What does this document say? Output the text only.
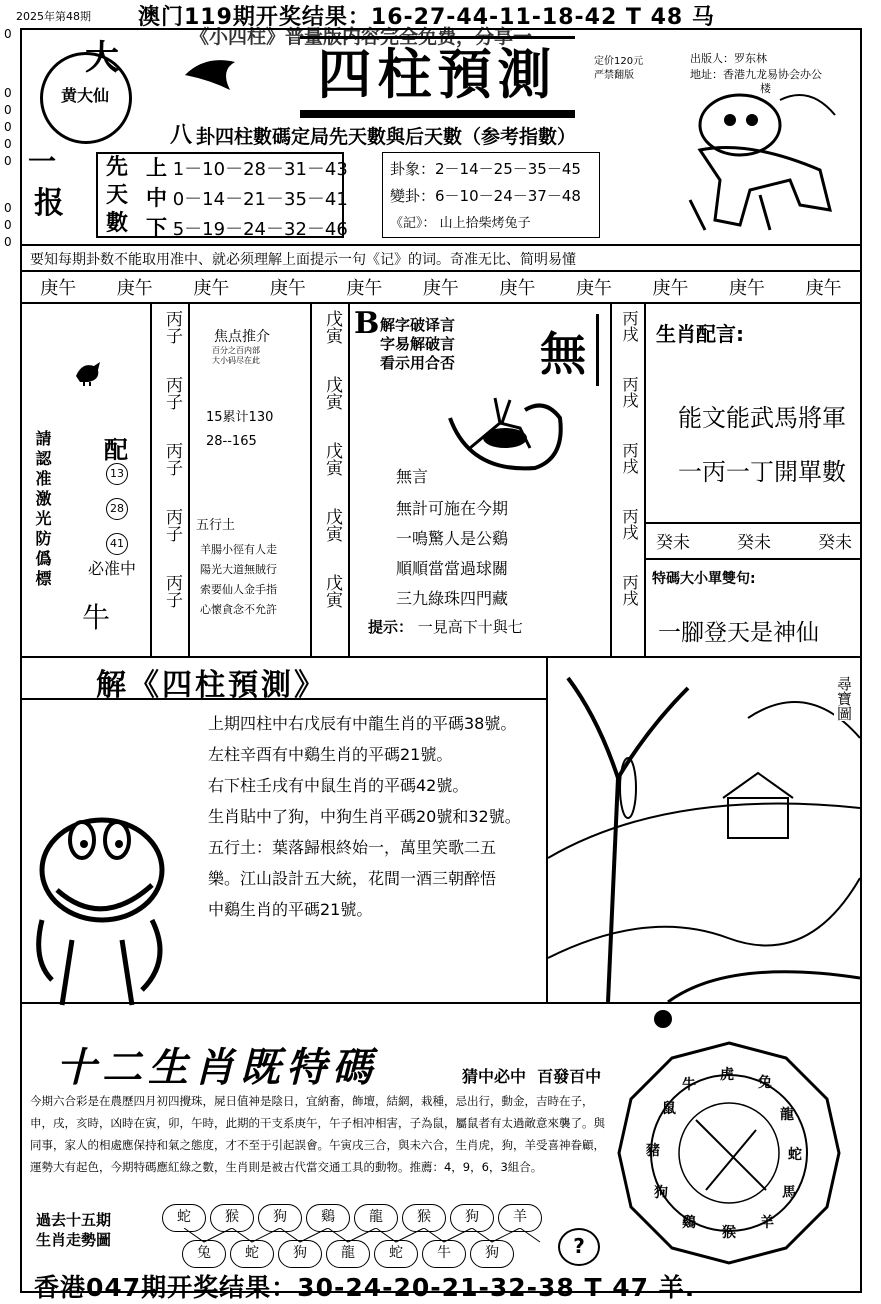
2025年第48期 澳门119期开奖结果：16-27-44-11-18-42 T 48 马
《小四柱》普量版内容完全免费，分享一
0
0
0
0
0
0
0
0
0
黄大仙
大
一
报
四柱預測	定价120元
严禁翻版
出版人：罗东林
地址：香港九龙易协会办公
楼
八 卦四柱數碼定局先天數與后天數（参考指數）
先
天
數
上 1－10－28－31－43
中 0－14－21－35－41
下 5－19－24－32－46
卦象：2－14－25－35－45
變卦：6－10－24－37－48
《記》： 山上拾柴烤兔子
要知每期卦数不能取用准中、就必须理解上面提示一句《记》的词。奇准无比、简明易懂
庚午 庚午 庚午 庚午 庚午 庚午 庚午 庚午 庚午 庚午 庚午
請認准激光防僞標 配
13 28 41
必准中
牛
丙子
丙子
丙子
丙子
丙子
焦点推介
百分之百内部
大小码尽在此
15累计130
28--165
五行土
羊腸小徑有人走
陽光大道無賊行
索要仙人金手指
心懷貪念不允許
戊寅
戊寅
戊寅
戊寅
戊寅
B 解字破译言
字易解破言
看示用合否 無
無言
無計可施在今期
一鳴驚人是公鷄
順順當當過球關
三九綠珠四門藏
提示： 一見高下十與七
丙戌
丙戌
丙戌
丙戌
丙戌
生肖配言:
能文能武馬將軍
一丙一丁開單數
癸未	癸未	癸未
特碼大小單雙句:
一腳登天是神仙
解《四柱預測》
上期四柱中右戊辰有中龍生肖的平碼38號。
左柱辛酉有中鷄生肖的平碼21號。
右下柱壬戌有中鼠生肖的平碼42號。
生肖貼中了狗，中狗生肖平碼20號和32號。
五行土：葉落歸根終始一，萬里笑歌二五
樂。江山設計五大統，花間一酒三朝醉悟
中鷄生肖的平碼21號。
尋寶圖
十二生肖既特碼	猜中必中  百發百中
今期六合彩是在農歷四月初四攪珠，屍日值神是陰日，宜納畜，飾壇，結網，栽種，忌出行，動金，吉時在子，申，戌，亥時，凶時在寅，卯，午時，此期的干支系庚午，午子相冲相害，子為鼠，屬鼠者有太過敵意來襲了。與同事，家人的相處應保持和氣之態度，才不至于引起誤會。午寅戌三合，與未六合，生肖虎，狗，羊受喜神眷顧，運勢大有起色，今期特碼應紅綠之數，生肖則是被古代當交通工具的動物。推薦：4，9，6，3組合。
過去十五期
生肖走勢圖
蛇	猴	狗	鷄	龍	猴	狗	羊
兔	蛇	狗	龍	蛇	牛	狗	?
鼠
牛
虎 兔
龍
蛇
馬
羊
猴
鷄
狗
豬
香港047期开奖结果：30-24-20-21-32-38 T 47 羊.
